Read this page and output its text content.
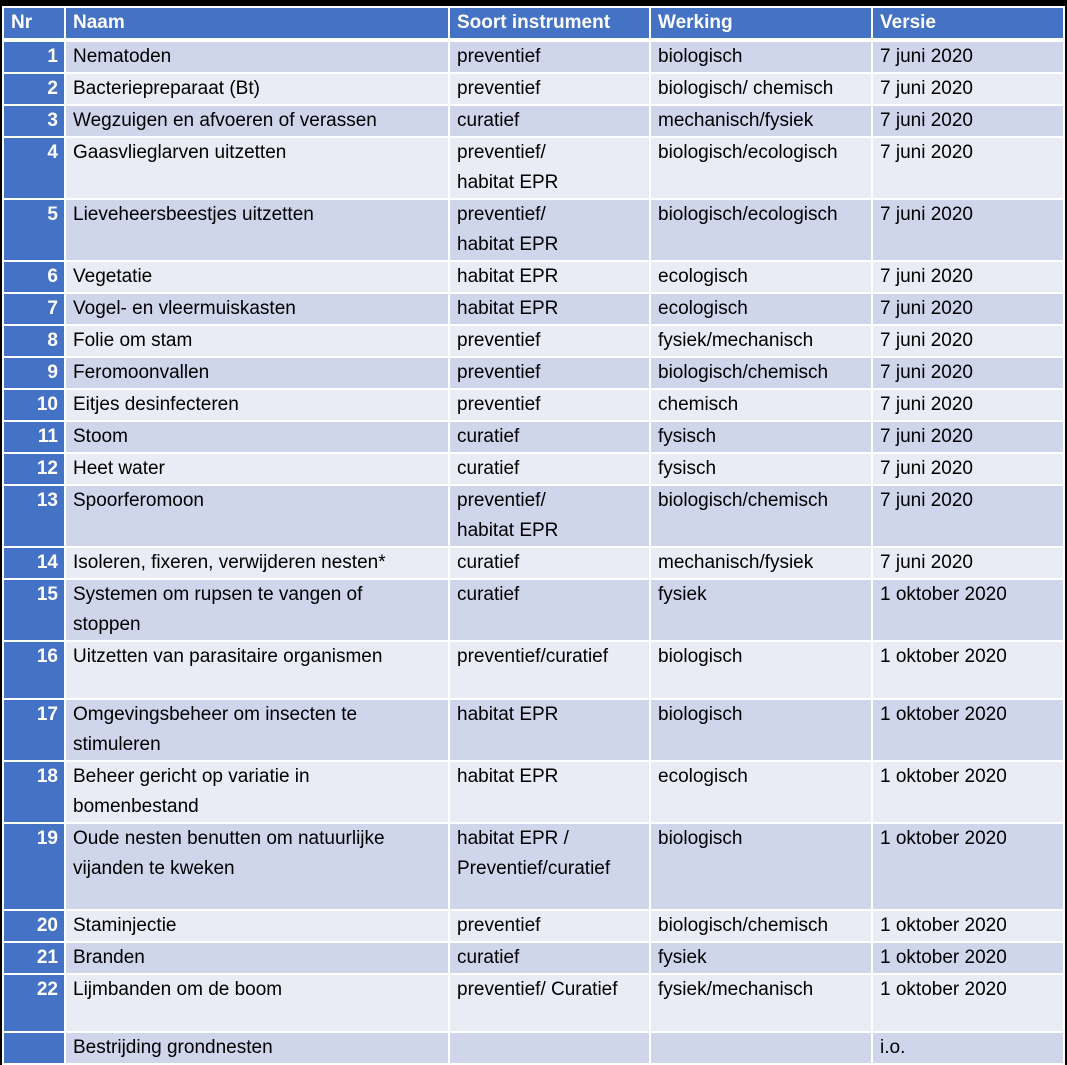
Nr	Naam	Soort instrument	Werking	Versie
1	Nematoden	preventief	biologisch	7 juni 2020
2	Bacteriepreparaat (Bt)	preventief	biologisch/ chemisch	7 juni 2020
3	Wegzuigen en afvoeren of verassen	curatief	mechanisch/fysiek	7 juni 2020
4	Gaasvlieglarven uitzetten	preventief/ habitat EPR	biologisch/ecologisch	7 juni 2020
5	Lieveheersbeestjes uitzetten	preventief/ habitat EPR	biologisch/ecologisch	7 juni 2020
6	Vegetatie	habitat EPR	ecologisch	7 juni 2020
7	Vogel- en vleermuiskasten	habitat EPR	ecologisch	7 juni 2020
8	Folie om stam	preventief	fysiek/mechanisch	7 juni 2020
9	Feromoonvallen	preventief	biologisch/chemisch	7 juni 2020
10	Eitjes desinfecteren	preventief	chemisch	7 juni 2020
11	Stoom	curatief	fysisch	7 juni 2020
12	Heet water	curatief	fysisch	7 juni 2020
13	Spoorferomoon	preventief/ habitat EPR	biologisch/chemisch	7 juni 2020
14	Isoleren, fixeren, verwijderen nesten*	curatief	mechanisch/fysiek	7 juni 2020
15	Systemen om rupsen te vangen of stoppen	curatief	fysiek	1 oktober 2020
16	Uitzetten van parasitaire organismen	preventief/curatief	biologisch	1 oktober 2020
17	Omgevingsbeheer om insecten te stimuleren	habitat EPR	biologisch	1 oktober 2020
18	Beheer gericht op variatie in bomenbestand	habitat EPR	ecologisch	1 oktober 2020
19	Oude nesten benutten om natuurlijke vijanden te kweken	habitat EPR / Preventief/curatief	biologisch	1 oktober 2020
20	Staminjectie	preventief	biologisch/chemisch	1 oktober 2020
21	Branden	curatief	fysiek	1 oktober 2020
22	Lijmbanden om de boom	preventief/ Curatief	fysiek/mechanisch	1 oktober 2020
	Bestrijding grondnesten			i.o.
